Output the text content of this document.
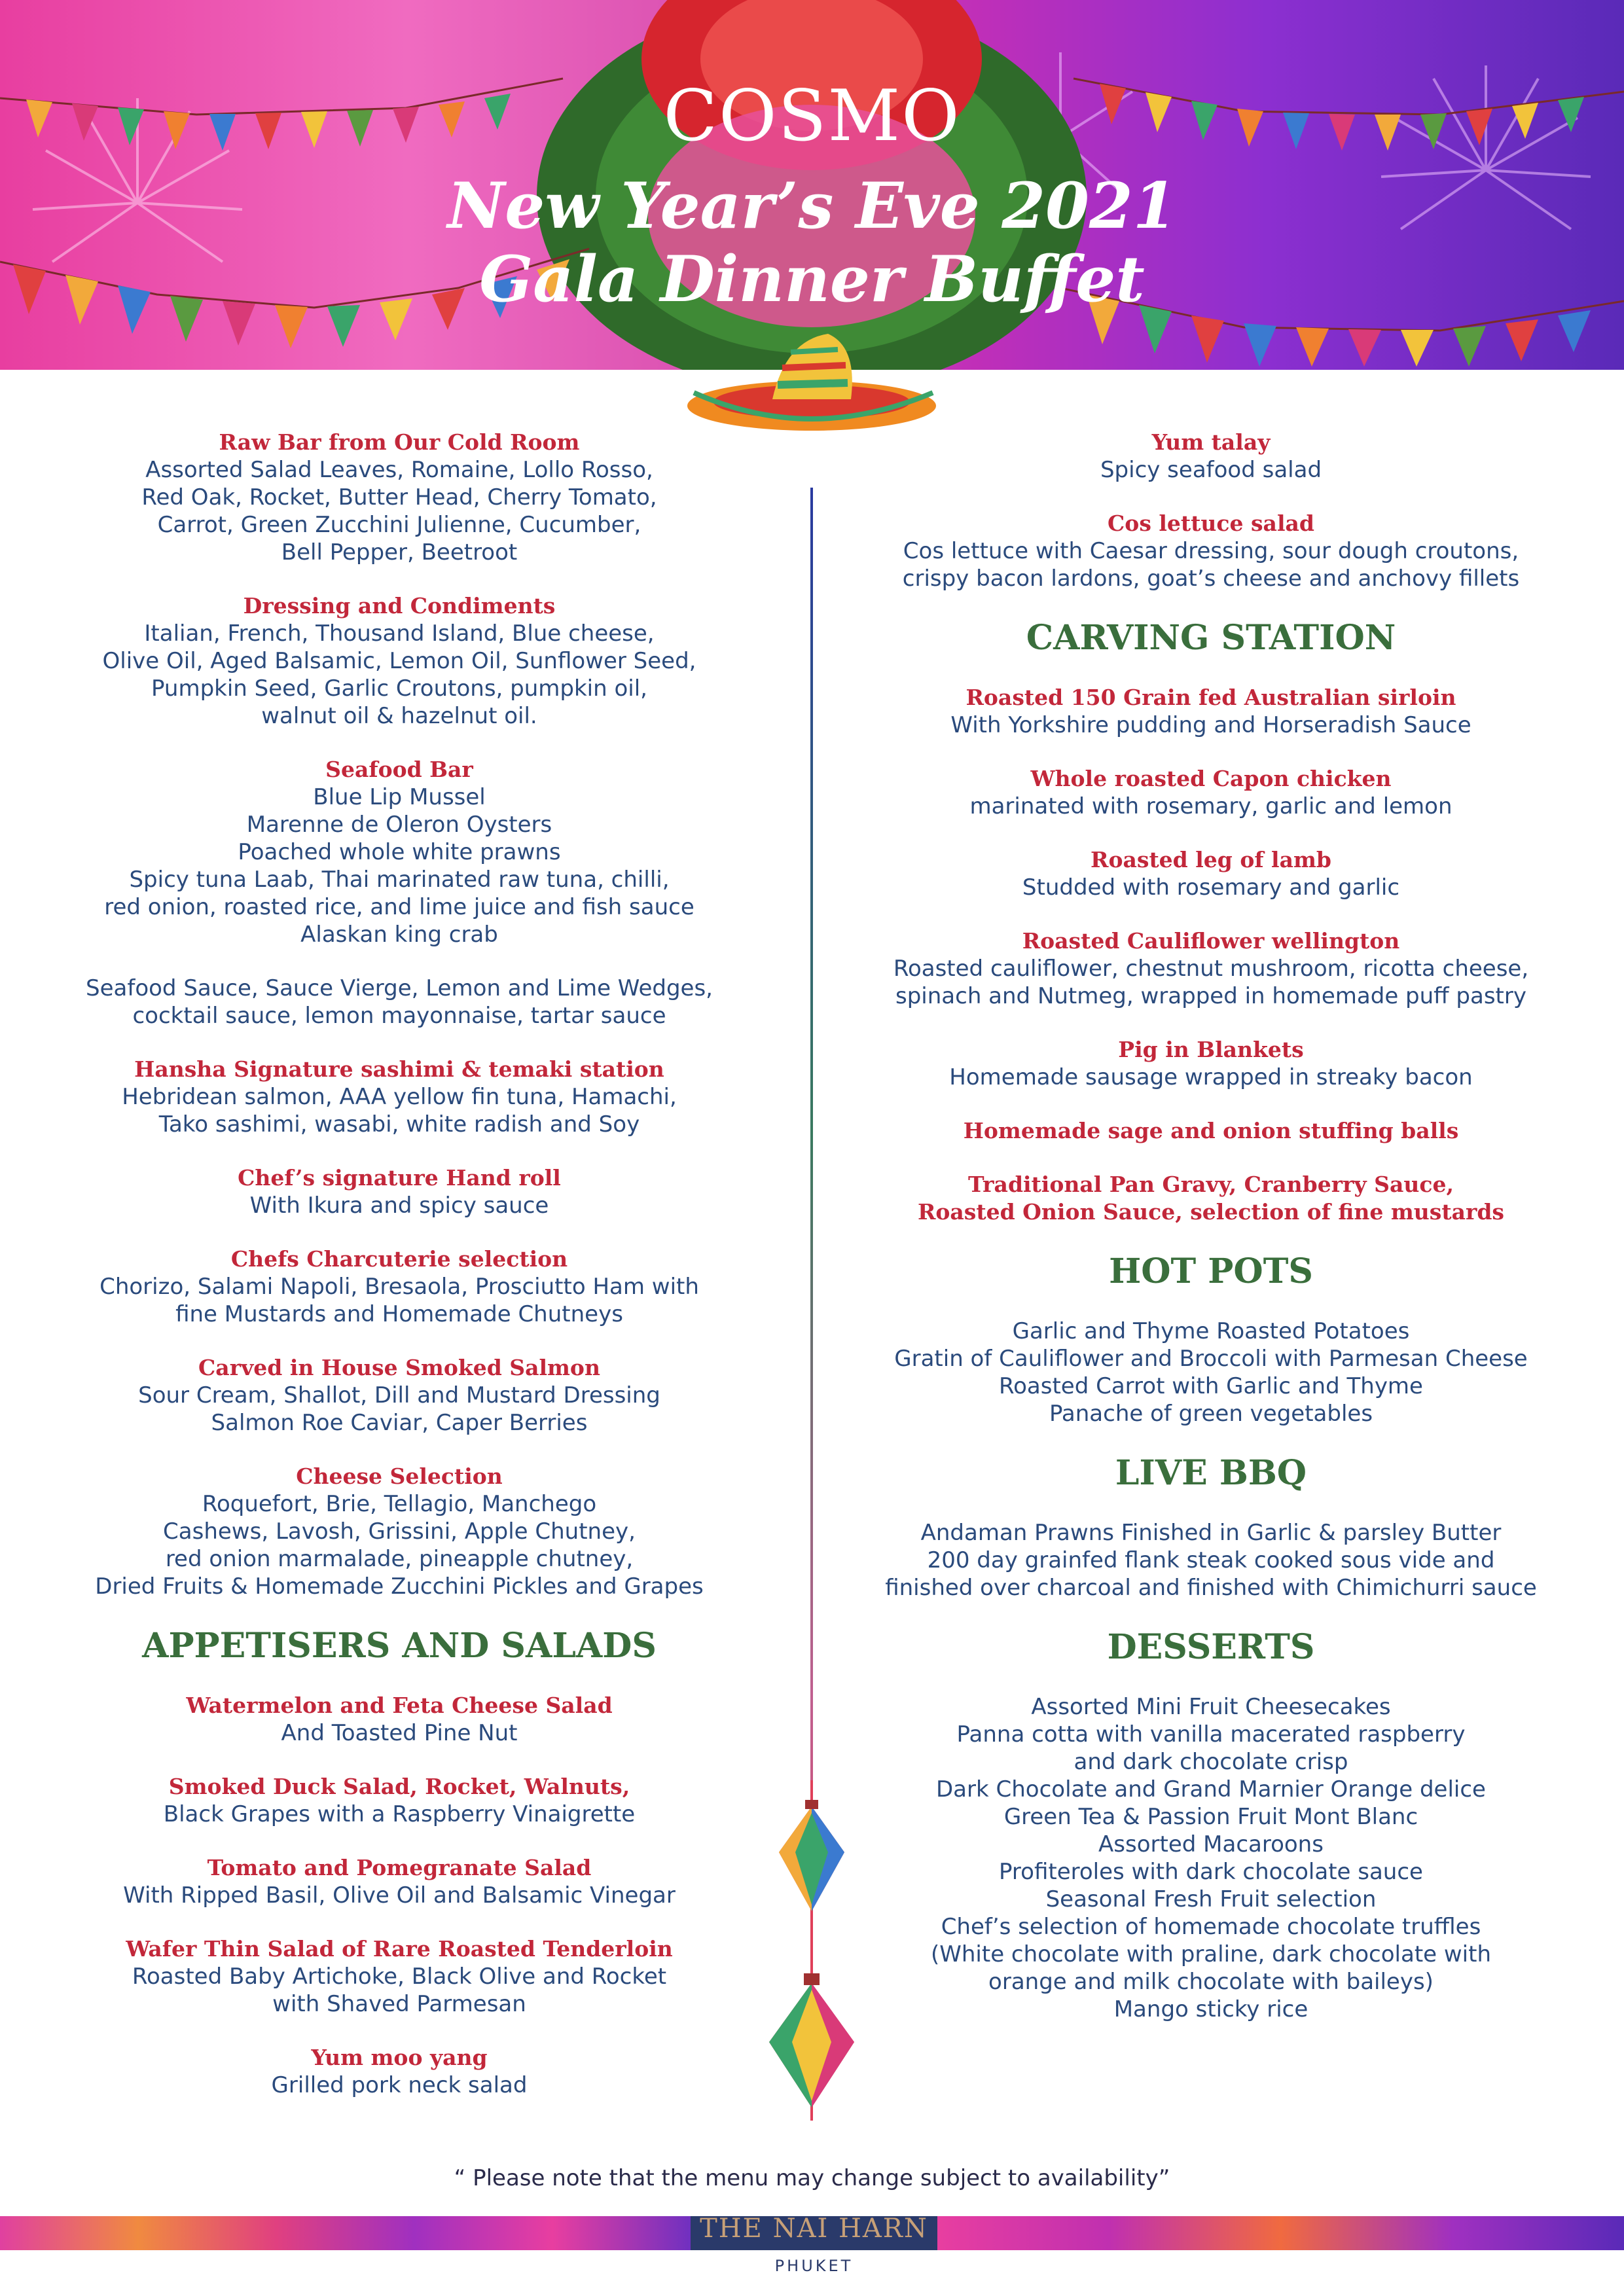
COSMO
New Year’s Eve 2021
Gala Dinner Buffet
Raw Bar from Our Cold Room
Assorted Salad Leaves, Romaine, Lollo Rosso,
Red Oak, Rocket, Butter Head, Cherry Tomato,
Carrot, Green Zucchini Julienne, Cucumber,
Bell Pepper, Beetroot
Dressing and Condiments
Italian, French, Thousand Island, Blue cheese,
Olive Oil, Aged Balsamic, Lemon Oil, Sunflower Seed,
Pumpkin Seed, Garlic Croutons, pumpkin oil,
walnut oil & hazelnut oil.
Seafood Bar
Blue Lip Mussel
Marenne de Oleron Oysters
Poached whole white prawns
Spicy tuna Laab, Thai marinated raw tuna, chilli,
red onion, roasted rice, and lime juice and fish sauce
Alaskan king crab
Seafood Sauce, Sauce Vierge, Lemon and Lime Wedges,
cocktail sauce, lemon mayonnaise, tartar sauce
Hansha Signature sashimi & temaki station
Hebridean salmon, AAA yellow fin tuna, Hamachi,
Tako sashimi, wasabi, white radish and Soy
Chef’s signature Hand roll
With Ikura and spicy sauce
Chefs Charcuterie selection
Chorizo, Salami Napoli, Bresaola, Prosciutto Ham with
fine Mustards and Homemade Chutneys
Carved in House Smoked Salmon
Sour Cream, Shallot, Dill and Mustard Dressing
Salmon Roe Caviar, Caper Berries
Cheese Selection
Roquefort, Brie, Tellagio, Manchego
Cashews, Lavosh, Grissini, Apple Chutney,
red onion marmalade, pineapple chutney,
Dried Fruits & Homemade Zucchini Pickles and Grapes
APPETISERS AND SALADS
Watermelon and Feta Cheese Salad
And Toasted Pine Nut
Smoked Duck Salad, Rocket, Walnuts,
Black Grapes with a Raspberry Vinaigrette
Tomato and Pomegranate Salad
With Ripped Basil, Olive Oil and Balsamic Vinegar
Wafer Thin Salad of Rare Roasted Tenderloin
Roasted Baby Artichoke, Black Olive and Rocket
with Shaved Parmesan
Yum moo yang
Grilled pork neck salad
Yum talay
Spicy seafood salad
Cos lettuce salad
Cos lettuce with Caesar dressing, sour dough croutons,
crispy bacon lardons, goat’s cheese and anchovy fillets
CARVING STATION
Roasted 150 Grain fed Australian sirloin
With Yorkshire pudding and Horseradish Sauce
Whole roasted Capon chicken
marinated with rosemary, garlic and lemon
Roasted leg of lamb
Studded with rosemary and garlic
Roasted Cauliflower wellington
Roasted cauliflower, chestnut mushroom, ricotta cheese,
spinach and Nutmeg, wrapped in homemade puff pastry
Pig in Blankets
Homemade sausage wrapped in streaky bacon
Homemade sage and onion stuffing balls
Traditional Pan Gravy, Cranberry Sauce,
Roasted Onion Sauce, selection of fine mustards
HOT POTS
Garlic and Thyme Roasted Potatoes
Gratin of Cauliflower and Broccoli with Parmesan Cheese
Roasted Carrot with Garlic and Thyme
Panache of green vegetables
LIVE BBQ
Andaman Prawns Finished in Garlic & parsley Butter
200 day grainfed flank steak cooked sous vide and
finished over charcoal and finished with Chimichurri sauce
DESSERTS
Assorted Mini Fruit Cheesecakes
Panna cotta with vanilla macerated raspberry
and dark chocolate crisp
Dark Chocolate and Grand Marnier Orange delice
Green Tea & Passion Fruit Mont Blanc
Assorted Macaroons
Profiteroles with dark chocolate sauce
Seasonal Fresh Fruit selection
Chef’s selection of homemade chocolate truffles
(White chocolate with praline, dark chocolate with
orange and milk chocolate with baileys)
Mango sticky rice
“ Please note that the menu may change subject to availability”
THE NAI HARN
PHUKET
